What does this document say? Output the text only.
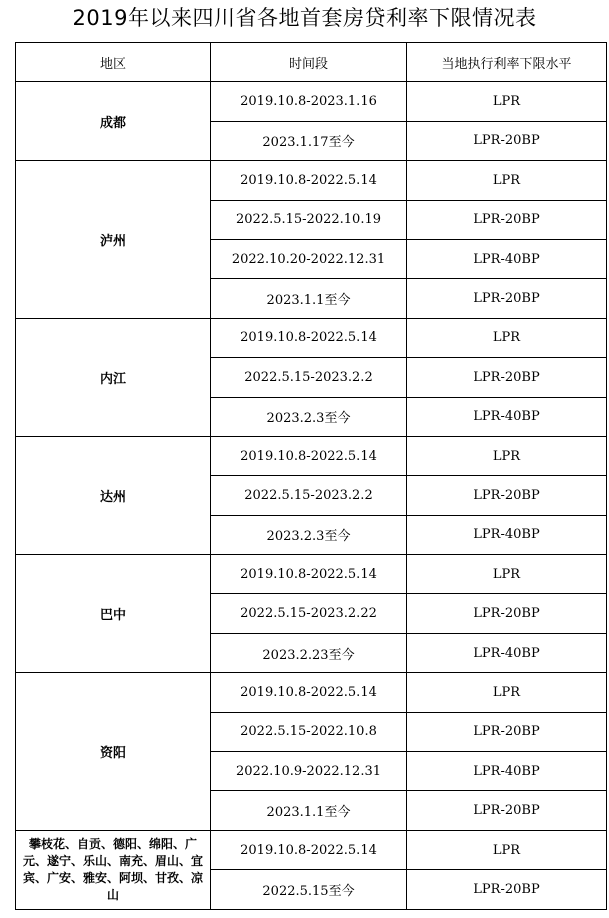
2019年以来四川省各地首套房贷利率下限情况表
地区	时间段	当地执行利率下限水平
成都	2019.10.8-2023.1.16	LPR
	2023.1.17至今	LPR-20BP
泸州	2019.10.8-2022.5.14	LPR
	2022.5.15-2022.10.19	LPR-20BP
	2022.10.20-2022.12.31	LPR-40BP
	2023.1.1至今	LPR-20BP
内江	2019.10.8-2022.5.14	LPR
	2022.5.15-2023.2.2	LPR-20BP
	2023.2.3至今	LPR-40BP
达州	2019.10.8-2022.5.14	LPR
	2022.5.15-2023.2.2	LPR-20BP
	2023.2.3至今	LPR-40BP
巴中	2019.10.8-2022.5.14	LPR
	2022.5.15-2023.2.22	LPR-20BP
	2023.2.23至今	LPR-40BP
资阳	2019.10.8-2022.5.14	LPR
	2022.5.15-2022.10.8	LPR-20BP
	2022.10.9-2022.12.31	LPR-40BP
	2023.1.1至今	LPR-20BP
攀枝花、自贡、德阳、绵阳、广元、遂宁、乐山、南充、眉山、宜宾、广安、雅安、阿坝、甘孜、凉山	2019.10.8-2022.5.14	LPR
	2022.5.15至今	LPR-20BP
